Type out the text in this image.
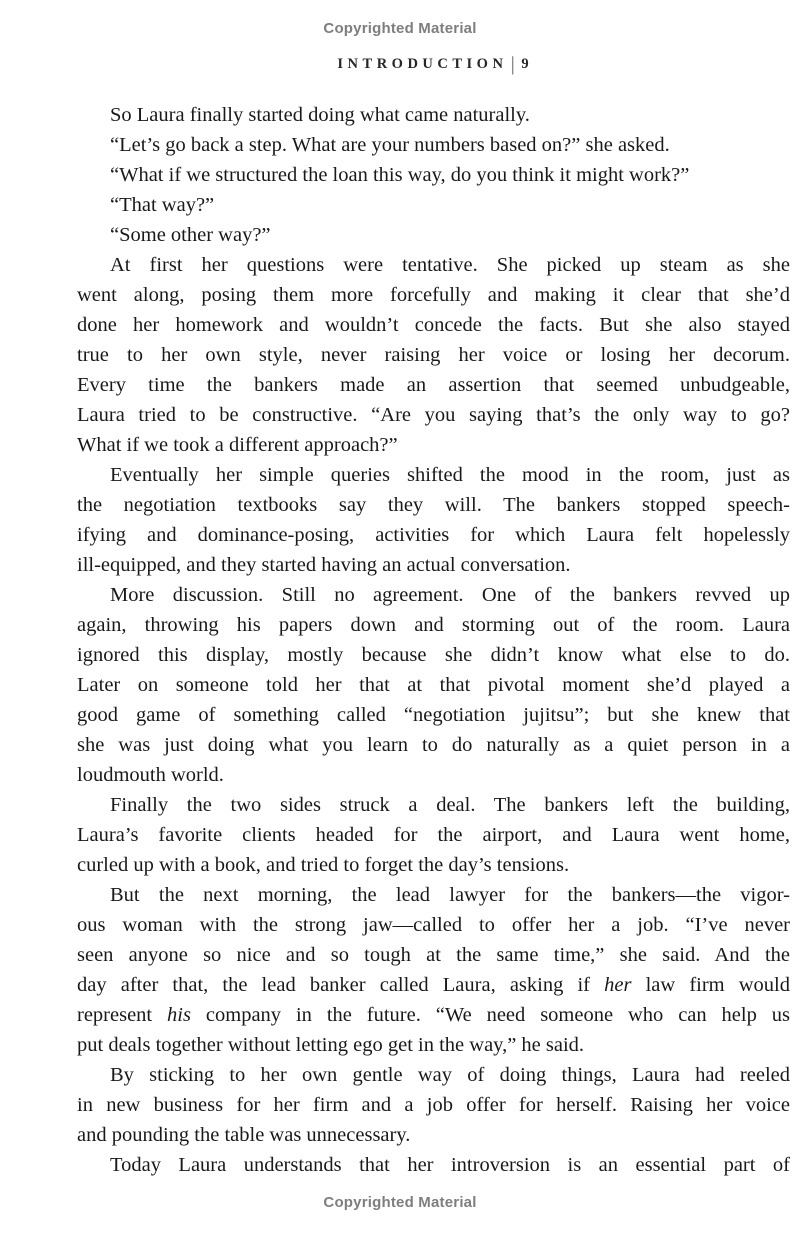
Copyrighted Material
INTRODUCTION | 9
So Laura finally started doing what came naturally.
“Let’s go back a step. What are your numbers based on?” she asked.
“What if we structured the loan this way, do you think it might work?”
“That way?”
“Some other way?”
At first her questions were tentative. She picked up steam as she
went along, posing them more forcefully and making it clear that she’d
done her homework and wouldn’t concede the facts. But she also stayed
true to her own style, never raising her voice or losing her decorum.
Every time the bankers made an assertion that seemed unbudgeable,
Laura tried to be constructive. “Are you saying that’s the only way to go?
What if we took a different approach?”
Eventually her simple queries shifted the mood in the room, just as
the negotiation textbooks say they will. The bankers stopped speech-
ifying and dominance-posing, activities for which Laura felt hopelessly
ill-equipped, and they started having an actual conversation.
More discussion. Still no agreement. One of the bankers revved up
again, throwing his papers down and storming out of the room. Laura
ignored this display, mostly because she didn’t know what else to do.
Later on someone told her that at that pivotal moment she’d played a
good game of something called “negotiation jujitsu”; but she knew that
she was just doing what you learn to do naturally as a quiet person in a
loudmouth world.
Finally the two sides struck a deal. The bankers left the building,
Laura’s favorite clients headed for the airport, and Laura went home,
curled up with a book, and tried to forget the day’s tensions.
But the next morning, the lead lawyer for the bankers—the vigor-
ous woman with the strong jaw—called to offer her a job. “I’ve never
seen anyone so nice and so tough at the same time,” she said. And the
day after that, the lead banker called Laura, asking if her law firm would
represent his company in the future. “We need someone who can help us
put deals together without letting ego get in the way,” he said.
By sticking to her own gentle way of doing things, Laura had reeled
in new business for her firm and a job offer for herself. Raising her voice
and pounding the table was unnecessary.
Today Laura understands that her introversion is an essential part of
Copyrighted Material
